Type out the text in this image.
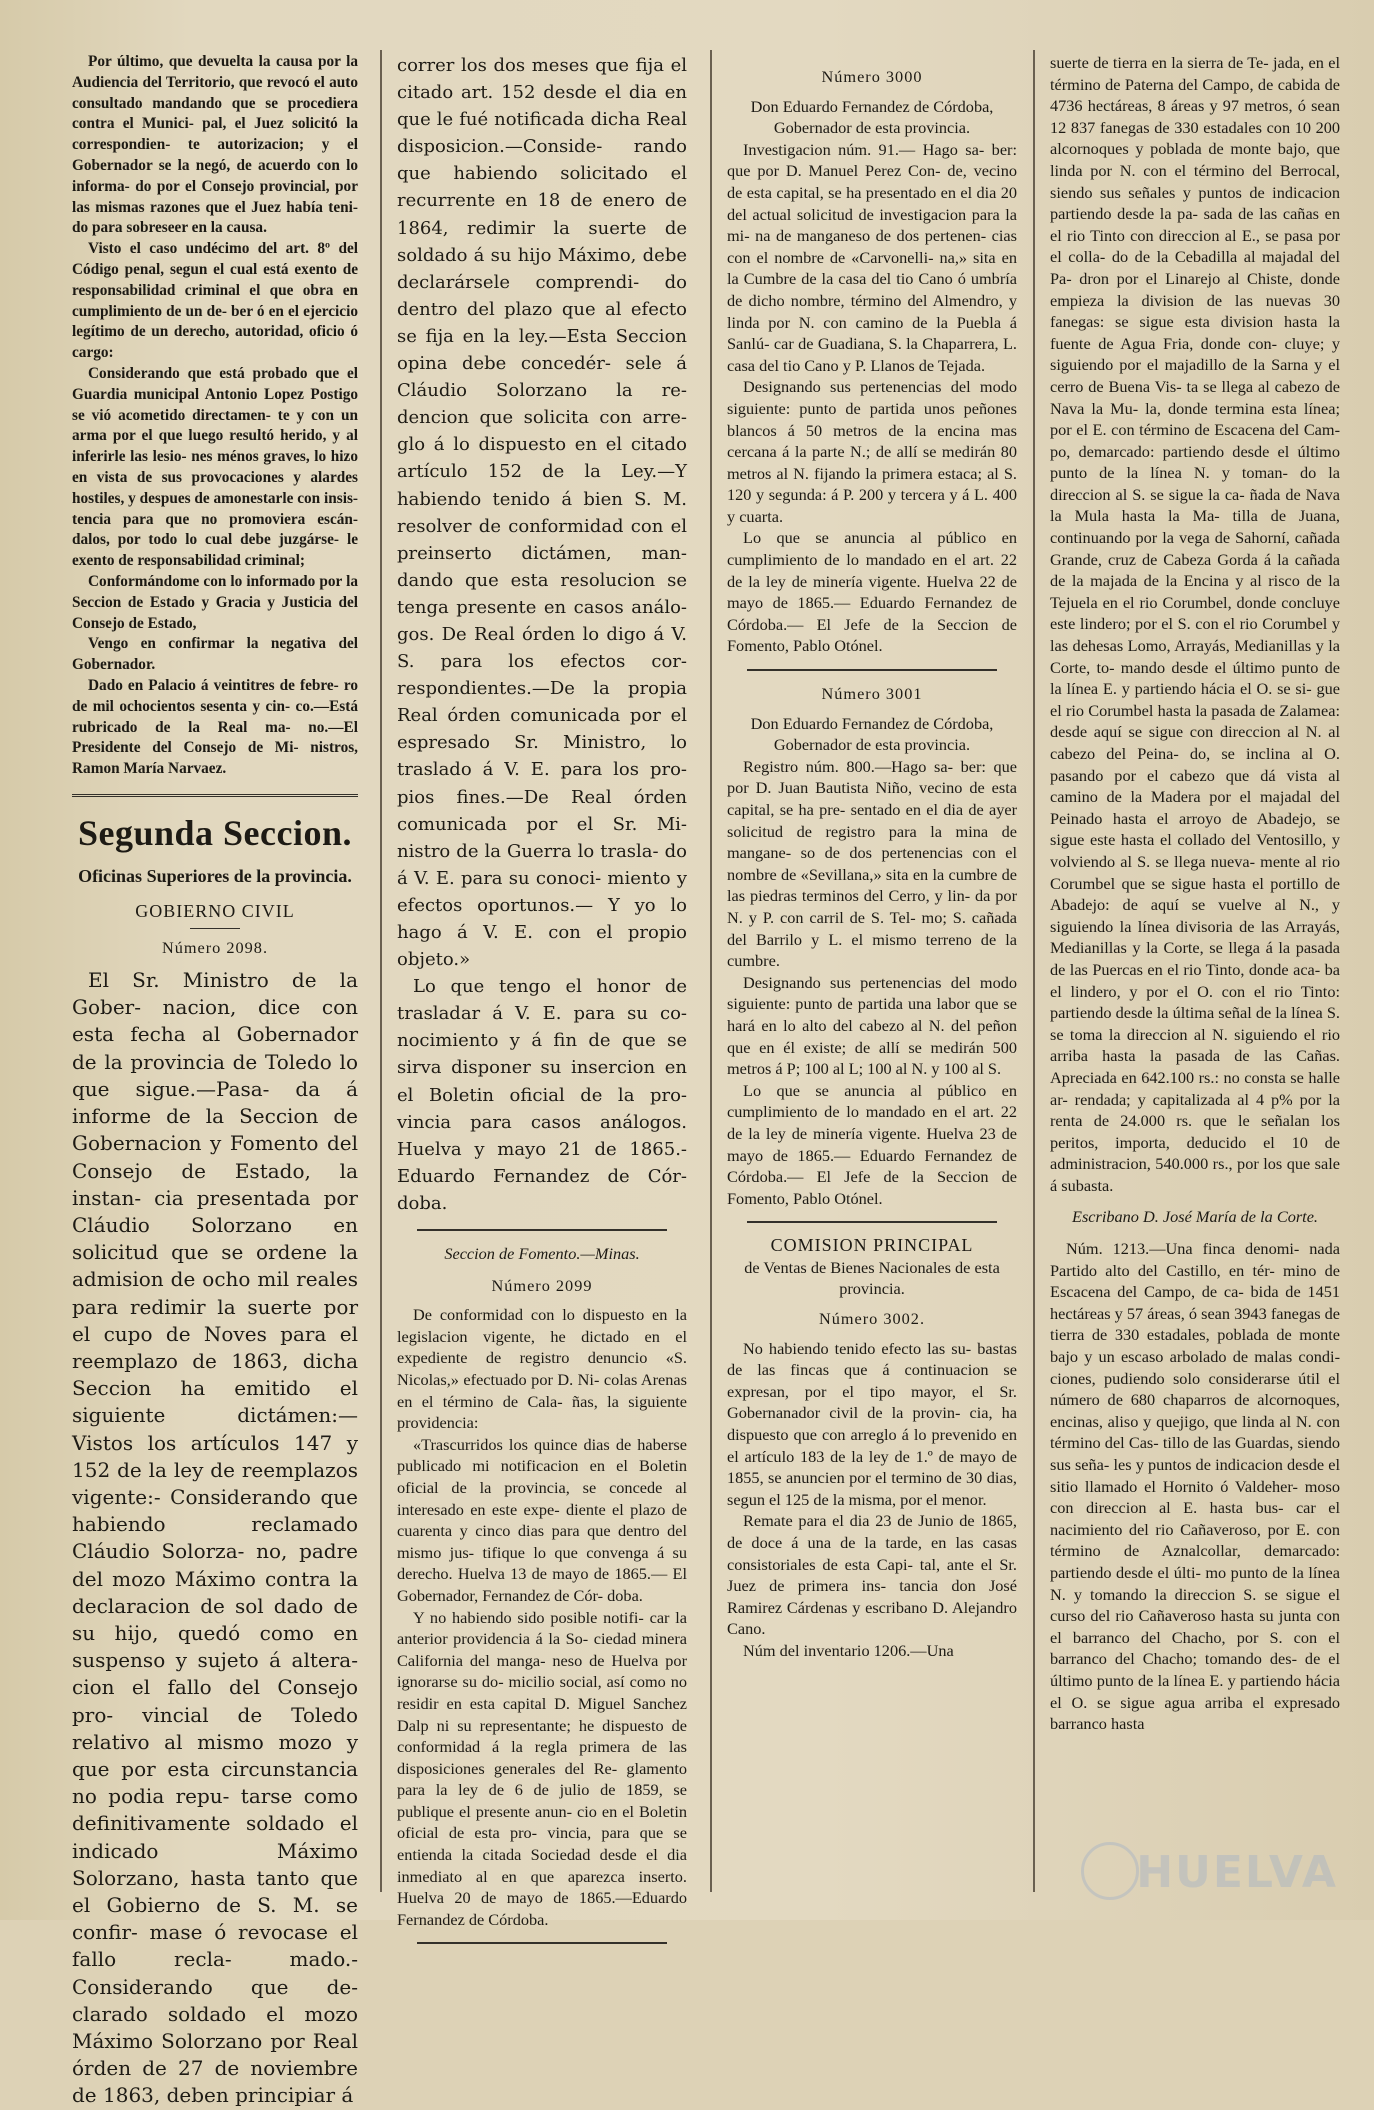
Por último, que devuelta la causa por la Audiencia del Territorio, que revocó el auto consultado mandando que se procediera contra el Munici- pal, el Juez solicitó la correspondien- te autorizacion; y el Gobernador se la negó, de acuerdo con lo informa- do por el Consejo provincial, por las mismas razones que el Juez había teni- do para sobreseer en la causa.

Visto el caso undécimo del art. 8º del Código penal, segun el cual está exento de responsabilidad criminal el que obra en cumplimiento de un de- ber ó en el ejercicio legítimo de un derecho, autoridad, oficio ó cargo:

Considerando que está probado que el Guardia municipal Antonio Lopez Postigo se vió acometido directamen- te y con un arma por el que luego resultó herido, y al inferirle las lesio- nes ménos graves, lo hizo en vista de sus provocaciones y alardes hostiles, y despues de amonestarle con insis- tencia para que no promoviera escán- dalos, por todo lo cual debe juzgárse- le exento de responsabilidad criminal;

Conformándome con lo informado por la Seccion de Estado y Gracia y Justicia del Consejo de Estado,

Vengo en confirmar la negativa del Gobernador.

Dado en Palacio á veintitres de febre- ro de mil ochocientos sesenta y cin- co.—Está rubricado de la Real ma- no.—El Presidente del Consejo de Mi- nistros, Ramon María Narvaez.

Segunda Seccion.
Oficinas Superiores de la provincia.
GOBIERNO CIVIL
Número 2098.

El Sr. Ministro de la Gober- nacion, dice con esta fecha al Gobernador de la provincia de Toledo lo que sigue.—Pasa- da á informe de la Seccion de Gobernacion y Fomento del Consejo de Estado, la instan- cia presentada por Cláudio Solorzano en solicitud que se ordene la admision de ocho mil reales para redimir la suerte por el cupo de Noves para el reemplazo de 1863, dicha Seccion ha emitido el siguiente dictámen:— Vistos los artículos 147 y 152 de la ley de reemplazos vigente:- Considerando que habiendo reclamado Cláudio Solorza- no, padre del mozo Máximo contra la declaracion de sol dado de su hijo, quedó como en suspenso y sujeto á altera- cion el fallo del Consejo pro- vincial de Toledo relativo al mismo mozo y que por esta circunstancia no podia repu- tarse como definitivamente soldado el indicado Máximo Solorzano, hasta tanto que el Gobierno de S. M. se confir- mase ó revocase el fallo recla- mado.- Considerando que de- clarado soldado el mozo Máximo Solorzano por Real órden de 27 de noviembre de 1863, deben principiar á

correr los dos meses que fija el citado art. 152 desde el dia en que le fué notificada dicha Real disposicion.—Conside- rando que habiendo solicitado el recurrente en 18 de enero de 1864, redimir la suerte de soldado á su hijo Máximo, debe declarársele comprendi- do dentro del plazo que al efecto se fija en la ley.—Esta Seccion opina debe concedér- sele á Cláudio Solorzano la re- dencion que solicita con arre- glo á lo dispuesto en el citado artículo 152 de la Ley.—Y habiendo tenido á bien S. M. resolver de conformidad con el preinserto dictámen, man- dando que esta resolucion se tenga presente en casos análo- gos. De Real órden lo digo á V. S. para los efectos cor- respondientes.—De la propia Real órden comunicada por el espresado Sr. Ministro, lo traslado á V. E. para los pro- pios fines.—De Real órden comunicada por el Sr. Mi- nistro de la Guerra lo trasla- do á V. E. para su conoci- miento y efectos oportunos.— Y yo lo hago á V. E. con el propio objeto.»

Lo que tengo el honor de trasladar á V. E. para su co- nocimiento y á fin de que se sirva disponer su insercion en el Boletin oficial de la pro- vincia para casos análogos. Huelva y mayo 21 de 1865.- Eduardo Fernandez de Cór- doba.

Seccion de Fomento.—Minas.
Número 2099

De conformidad con lo dispuesto en la legislacion vigente, he dictado en el expediente de registro denuncio «S. Nicolas,» efectuado por D. Ni- colas Arenas en el término de Cala- ñas, la siguiente providencia:

«Trascurridos los quince dias de haberse publicado mi notificacion en el Boletin oficial de la provincia, se concede al interesado en este expe- diente el plazo de cuarenta y cinco dias para que dentro del mismo jus- tifique lo que convenga á su derecho. Huelva 13 de mayo de 1865.— El Gobernador, Fernandez de Cór- doba.

Y no habiendo sido posible notifi- car la anterior providencia á la So- ciedad minera California del manga- neso de Huelva por ignorarse su do- micilio social, así como no residir en esta capital D. Miguel Sanchez Dalp ni su representante; he dispuesto de conformidad á la regla primera de las disposiciones generales del Re- glamento para la ley de 6 de julio de 1859, se publique el presente anun- cio en el Boletin oficial de esta pro- vincia, para que se entienda la citada Sociedad desde el dia inmediato al en que aparezca inserto. Huelva 20 de mayo de 1865.—Eduardo Fernandez de Córdoba.

Número 3000

Don Eduardo Fernandez de Córdoba, Gobernador de esta provincia.

Investigacion núm. 91.— Hago sa- ber: que por D. Manuel Perez Con- de, vecino de esta capital, se ha presentado en el dia 20 del actual solicitud de investigacion para la mi- na de manganeso de dos pertenen- cias con el nombre de «Carvonelli- na,» sita en la Cumbre de la casa del tio Cano ó umbría de dicho nombre, término del Almendro, y linda por N. con camino de la Puebla á Sanlú- car de Guadiana, S. la Chaparrera, L. casa del tio Cano y P. Llanos de Tejada.

Designando sus pertenencias del modo siguiente: punto de partida unos peñones blancos á 50 metros de la encina mas cercana á la parte N.; de allí se medirán 80 metros al N. fijando la primera estaca; al S. 120 y segunda: á P. 200 y tercera y á L. 400 y cuarta.

Lo que se anuncia al público en cumplimiento de lo mandado en el art. 22 de la ley de minería vigente. Huelva 22 de mayo de 1865.— Eduardo Fernandez de Córdoba.— El Jefe de la Seccion de Fomento, Pablo Otónel.

Número 3001

Don Eduardo Fernandez de Córdoba, Gobernador de esta provincia.

Registro núm. 800.—Hago sa- ber: que por D. Juan Bautista Niño, vecino de esta capital, se ha pre- sentado en el dia de ayer solicitud de registro para la mina de mangane- so de dos pertenencias con el nombre de «Sevillana,» sita en la cumbre de las piedras terminos del Cerro, y lin- da por N. y P. con carril de S. Tel- mo; S. cañada del Barrilo y L. el mismo terreno de la cumbre.

Designando sus pertenencias del modo siguiente: punto de partida una labor que se hará en lo alto del cabezo al N. del peñon que en él existe; de allí se medirán 500 metros á P; 100 al L; 100 al N. y 100 al S.

Lo que se anuncia al público en cumplimiento de lo mandado en el art. 22 de la ley de minería vigente. Huelva 23 de mayo de 1865.— Eduardo Fernandez de Córdoba.— El Jefe de la Seccion de Fomento, Pablo Otónel.

COMISION PRINCIPAL

de Ventas de Bienes Nacionales de esta provincia.

Número 3002.

No habiendo tenido efecto las su- bastas de las fincas que á continuacion se expresan, por el tipo mayor, el Sr. Gobernanador civil de la provin- cia, ha dispuesto que con arreglo á lo prevenido en el artículo 183 de la ley de 1.º de mayo de 1855, se anuncien por el termino de 30 dias, segun el 125 de la misma, por el menor.

Remate para el dia 23 de Junio de 1865, de doce á una de la tarde, en las casas consistoriales de esta Capi- tal, ante el Sr. Juez de primera ins- tancia don José Ramirez Cárdenas y escribano D. Alejandro Cano.

Núm del inventario 1206.—Una

suerte de tierra en la sierra de Te- jada, en el término de Paterna del Campo, de cabida de 4736 hectáreas, 8 áreas y 97 metros, ó sean 12 837 fanegas de 330 estadales con 10 200 alcornoques y poblada de monte bajo, que linda por N. con el término del Berrocal, siendo sus señales y puntos de indicacion partiendo desde la pa- sada de las cañas en el rio Tinto con direccion al E., se pasa por el colla- do de la Cebadilla al majadal del Pa- dron por el Linarejo al Chiste, donde empieza la division de las nuevas 30 fanegas: se sigue esta division hasta la fuente de Agua Fria, donde con- cluye; y siguiendo por el majadillo de la Sarna y el cerro de Buena Vis- ta se llega al cabezo de Nava la Mu- la, donde termina esta línea; por el E. con término de Escacena del Cam- po, demarcado: partiendo desde el último punto de la línea N. y toman- do la direccion al S. se sigue la ca- ñada de Nava la Mula hasta la Ma- tilla de Juana, continuando por la vega de Sahorní, cañada Grande, cruz de Cabeza Gorda á la cañada de la majada de la Encina y al risco de la Tejuela en el rio Corumbel, donde concluye este lindero; por el S. con el rio Corumbel y las dehesas Lomo, Arrayás, Medianillas y la Corte, to- mando desde el último punto de la línea E. y partiendo hácia el O. se si- gue el rio Corumbel hasta la pasada de Zalamea: desde aquí se sigue con direccion al N. al cabezo del Peina- do, se inclina al O. pasando por el cabezo que dá vista al camino de la Madera por el majadal del Peinado hasta el arroyo de Abadejo, se sigue este hasta el collado del Ventosillo, y volviendo al S. se llega nueva- mente al rio Corumbel que se sigue hasta el portillo de Abadejo: de aquí se vuelve al N., y siguiendo la línea divisoria de las Arrayás, Medianillas y la Corte, se llega á la pasada de las Puercas en el rio Tinto, donde aca- ba el lindero, y por el O. con el rio Tinto: partiendo desde la última señal de la línea S. se toma la direccion al N. siguiendo el rio arriba hasta la pasada de las Cañas. Apreciada en 642.100 rs.: no consta se halle ar- rendada; y capitalizada al 4 p% por la renta de 24.000 rs. que le señalan los peritos, importa, deducido el 10 de administracion, 540.000 rs., por los que sale á subasta.

Escribano D. José María de la Corte.

Núm. 1213.—Una finca denomi- nada Partido alto del Castillo, en tér- mino de Escacena del Campo, de ca- bida de 1451 hectáreas y 57 áreas, ó sean 3943 fanegas de tierra de 330 estadales, poblada de monte bajo y un escaso arbolado de malas condi- ciones, pudiendo solo considerarse útil el número de 680 chaparros de alcornoques, encinas, aliso y quejigo, que linda al N. con término del Cas- tillo de las Guardas, siendo sus seña- les y puntos de indicacion desde el sitio llamado el Hornito ó Valdeher- moso con direccion al E. hasta bus- car el nacimiento del rio Cañaveroso, por E. con término de Aznalcollar, demarcado: partiendo desde el últi- mo punto de la línea N. y tomando la direccion S. se sigue el curso del rio Cañaveroso hasta su junta con el barranco del Chacho, por S. con el barranco del Chacho; tomando des- de el último punto de la línea E. y partiendo hácia el O. se sigue agua arriba el expresado barranco hasta

HUELVA
